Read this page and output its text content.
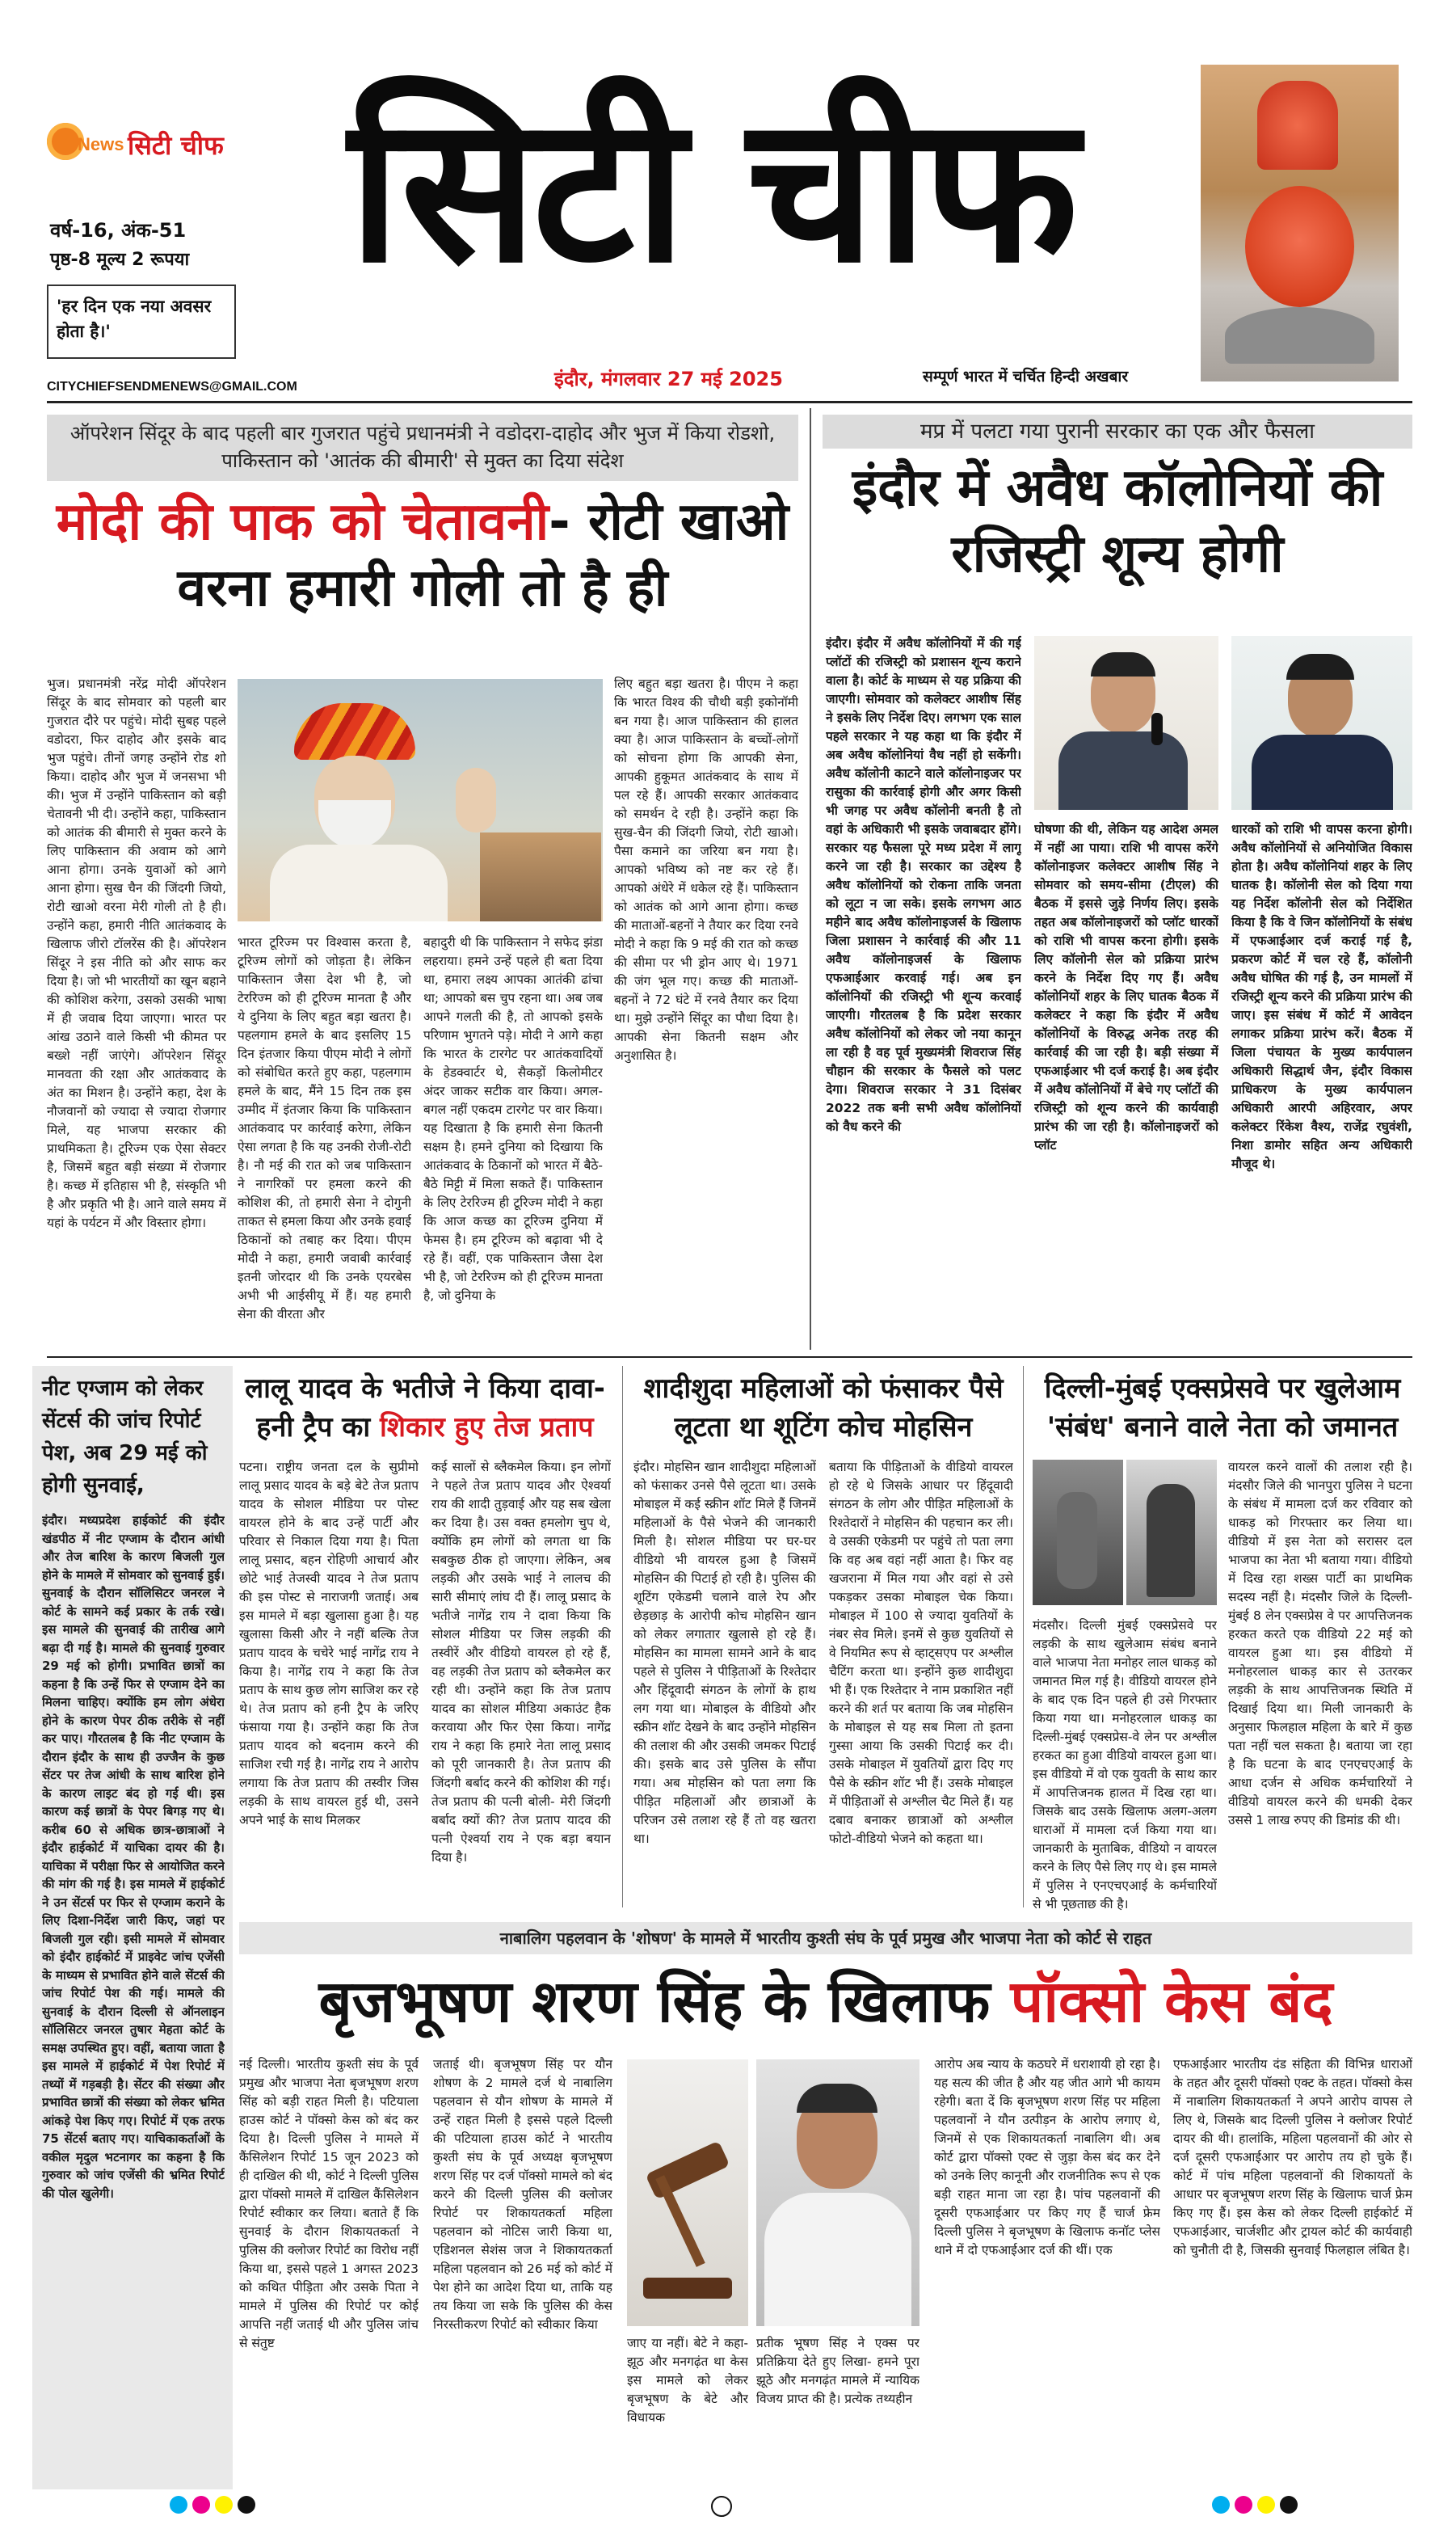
News सिटी चीफ
वर्ष-16, अंक-51
पृष्ठ-8 मूल्य 2 रूपया
'हर दिन एक नया अवसर होता है।'
CITYCHIEFSENDMENEWS@GMAIL.COM
सिटी चीफ
इंदौर, मंगलवार 27 मई 2025	सम्पूर्ण भारत में चर्चित हिन्दी अखबार
ऑपरेशन सिंदूर के बाद पहली बार गुजरात पहुंचे प्रधानमंत्री ने वडोदरा-दाहोद और भुज में किया रोडशो, पाकिस्तान को 'आतंक की बीमारी' से मुक्त का दिया संदेश
मोदी की पाक को चेतावनी- रोटी खाओ वरना हमारी गोली तो है ही
भुज। प्रधानमंत्री नरेंद्र मोदी ऑपरेशन सिंदूर के बाद सोमवार को पहली बार गुजरात दौरे पर पहुंचे। मोदी सुबह पहले वडोदरा, फिर दाहोद और इसके बाद भुज पहुंचे। तीनों जगह उन्होंने रोड शो किया। दाहोद और भुज में जनसभा भी की। भुज में उन्होंने पाकिस्तान को बड़ी चेतावनी भी दी। उन्होंने कहा, पाकिस्तान को आतंक की बीमारी से मुक्त करने के लिए पाकिस्तान की अवाम को आगे आना होगा। उनके युवाओं को आगे आना होगा। सुख चैन की जिंदगी जियो, रोटी खाओ वरना मेरी गोली तो है ही। उन्होंने कहा, हमारी नीति आतंकवाद के खिलाफ जीरो टॉलरेंस की है। ऑपरेशन सिंदूर ने इस नीति को और साफ कर दिया है। जो भी भारतीयों का खून बहाने की कोशिश करेगा, उसको उसकी भाषा में ही जवाब दिया जाएगा। भारत पर आंख उठाने वाले किसी भी कीमत पर बख्शे नहीं जाएंगे। ऑपरेशन सिंदूर मानवता की रक्षा और आतंकवाद के अंत का मिशन है। उन्होंने कहा, देश के नौजवानों को ज्यादा से ज्यादा रोजगार मिले, यह भाजपा सरकार की प्राथमिकता है। टूरिज्म एक ऐसा सेक्टर है, जिसमें बहुत बड़ी संख्या में रोजगार है। कच्छ में इतिहास भी है, संस्कृति भी है और प्रकृति भी है। आने वाले समय में यहां के पर्यटन में और विस्तार होगा।
भारत टूरिज्म पर विश्वास करता है, टूरिज्म लोगों को जोड़ता है। लेकिन पाकिस्तान जैसा देश भी है, जो टेररिज्म को ही टूरिज्म मानता है और ये दुनिया के लिए बहुत बड़ा खतरा है। पहलगाम हमले के बाद इसलिए 15 दिन इंतजार किया पीएम मोदी ने लोगों को संबोधित करते हुए कहा, पहलगाम हमले के बाद, मैंने 15 दिन तक इस उम्मीद में इंतजार किया कि पाकिस्तान आतंकवाद पर कार्रवाई करेगा, लेकिन ऐसा लगता है कि यह उनकी रोजी-रोटी है। नौ मई की रात को जब पाकिस्तान ने नागरिकों पर हमला करने की कोशिश की, तो हमारी सेना ने दोगुनी ताकत से हमला किया और उनके हवाई ठिकानों को तबाह कर दिया। पीएम मोदी ने कहा, हमारी जवाबी कार्रवाई इतनी जोरदार थी कि उनके एयरबेस अभी भी आईसीयू में हैं। यह हमारी सेना की वीरता और
बहादुरी थी कि पाकिस्तान ने सफेद झंडा लहराया। हमने उन्हें पहले ही बता दिया था, हमारा लक्ष्य आपका आतंकी ढांचा था; आपको बस चुप रहना था। अब जब आपने गलती की है, तो आपको इसके परिणाम भुगतने पड़े। मोदी ने आगे कहा कि भारत के टारगेट पर आतंकवादियों के हेडक्वार्टर थे, सैकड़ों किलोमीटर अंदर जाकर सटीक वार किया। अगल-बगल नहीं एकदम टारगेट पर वार किया। यह दिखाता है कि हमारी सेना कितनी सक्षम है। हमने दुनिया को दिखाया कि आतंकवाद के ठिकानों को भारत में बैठे-बैठे मिट्टी में मिला सकते हैं। पाकिस्तान के लिए टेररिज्म ही टूरिज्म मोदी ने कहा कि आज कच्छ का टूरिज्म दुनिया में फेमस है। हम टूरिज्म को बढ़ावा भी दे रहे हैं। वहीं, एक पाकिस्तान जैसा देश भी है, जो टेररिज्म को ही टूरिज्म मानता है, जो दुनिया के
लिए बहुत बड़ा खतरा है। पीएम ने कहा कि भारत विश्व की चौथी बड़ी इकोनॉमी बन गया है। आज पाकिस्तान की हालत क्या है। आज पाकिस्तान के बच्चों-लोगों को सोचना होगा कि आपकी सेना, आपकी हुकूमत आतंकवाद के साथ में पल रहे हैं। आपकी सरकार आतंकवाद को समर्थन दे रही है। उन्होंने कहा कि सुख-चैन की जिंदगी जियो, रोटी खाओ। पैसा कमाने का जरिया बन गया है। आपको भविष्य को नष्ट कर रहे हैं। आपको अंधेरे में धकेल रहे हैं। पाकिस्तान को आतंक को आगे आना होगा। कच्छ की माताओं-बहनों ने तैयार कर दिया रनवे मोदी ने कहा कि 9 मई की रात को कच्छ की सीमा पर भी ड्रोन आए थे। 1971 की जंग भूल गए। कच्छ की माताओं-बहनों ने 72 घंटे में रनवे तैयार कर दिया था। मुझे उन्होंने सिंदूर का पौधा दिया है। आपकी सेना कितनी सक्षम और अनुशासित है।
मप्र में पलटा गया पुरानी सरकार का एक और फैसला
इंदौर में अवैध कॉलोनियों की रजिस्ट्री शून्य होगी
इंदौर। इंदौर में अवैध कॉलोनियों में की गई प्लॉटों की रजिस्ट्री को प्रशासन शून्य कराने वाला है। कोर्ट के माध्यम से यह प्रक्रिया की जाएगी। सोमवार को कलेक्टर आशीष सिंह ने इसके लिए निर्देश दिए। लगभग एक साल पहले सरकार ने यह कहा था कि इंदौर में अब अवैध कॉलोनियां वैध नहीं हो सकेंगी। अवैध कॉलोनी काटने वाले कॉलोनाइजर पर रासुका की कार्रवाई होगी और अगर किसी भी जगह पर अवैध कॉलोनी बनती है तो वहां के अधिकारी भी इसके जवाबदार होंगे। सरकार यह फैसला पूरे मध्य प्रदेश में लागू करने जा रही है। सरकार का उद्देश्य है अवैध कॉलोनियों को रोकना ताकि जनता को लूटा न जा सके। इसके लगभग आठ महीने बाद अवैध कॉलोनाइजर्स के खिलाफ जिला प्रशासन ने कार्रवाई की और 11 अवैध कॉलोनाइजर्स के खिलाफ एफआईआर करवाई गई। अब इन कॉलोनियों की रजिस्ट्री भी शून्य करवाई जाएगी। गौरतलब है कि प्रदेश सरकार अवैध कॉलोनियों को लेकर जो नया कानून ला रही है वह पूर्व मुख्यमंत्री शिवराज सिंह चौहान की सरकार के फैसले को पलट देगा। शिवराज सरकार ने 31 दिसंबर 2022 तक बनी सभी अवैध कॉलोनियों को वैध करने की
घोषणा की थी, लेकिन यह आदेश अमल में नहीं आ पाया। राशि भी वापस करेंगे कॉलोनाइजर कलेक्टर आशीष सिंह ने सोमवार को समय-सीमा (टीएल) की बैठक में इससे जुड़े निर्णय लिए। इसके तहत अब कॉलोनाइजरों को प्लॉट धारकों को राशि भी वापस करना होगी। इसके लिए कॉलोनी सेल को प्रक्रिया प्रारंभ करने के निर्देश दिए गए हैं। अवैध कॉलोनियों शहर के लिए घातक बैठक में कलेक्टर ने कहा कि इंदौर में अवैध कॉलोनियों के विरुद्ध अनेक तरह की कार्रवाई की जा रही है। बड़ी संख्या में एफआईआर भी दर्ज कराई है। अब इंदौर में अवैध कॉलोनियों में बेचे गए प्लॉटों की रजिस्ट्री को शून्य करने की कार्यवाही प्रारंभ की जा रही है। कॉलोनाइजरों को प्लॉट
धारकों को राशि भी वापस करना होगी। अवैध कॉलोनियों से अनियोजित विकास होता है। अवैध कॉलोनियां शहर के लिए घातक है। कॉलोनी सेल को दिया गया यह निर्देश कॉलोनी सेल को निर्देशित किया है कि वे जिन कॉलोनियों के संबंध में एफआईआर दर्ज कराई गई है, प्रकरण कोर्ट में चल रहे हैं, कॉलोनी अवैध घोषित की गई है, उन मामलों में रजिस्ट्री शून्य करने की प्रक्रिया प्रारंभ की जाए। इस संबंध में कोर्ट में आवेदन लगाकर प्रक्रिया प्रारंभ करें। बैठक में जिला पंचायत के मुख्य कार्यपालन अधिकारी सिद्धार्थ जैन, इंदौर विकास प्राधिकरण के मुख्य कार्यपालन अधिकारी आरपी अहिरवार, अपर कलेक्टर रिंकेश वैश्य, राजेंद्र रघुवंशी, निशा डामोर सहित अन्य अधिकारी मौजूद थे।
नीट एग्जाम को लेकर सेंटर्स की जांच रिपोर्ट पेश, अब 29 मई को होगी सुनवाई,
इंदौर। मध्यप्रदेश हाईकोर्ट की इंदौर खंडपीठ में नीट एग्जाम के दौरान आंधी और तेज बारिश के कारण बिजली गुल होने के मामले में सोमवार को सुनवाई हुई। सुनवाई के दौरान सॉलिसिटर जनरल ने कोर्ट के सामने कई प्रकार के तर्क रखे। इस मामले की सुनवाई की तारीख आगे बढ़ा दी गई है। मामले की सुनवाई गुरुवार 29 मई को होगी। प्रभावित छात्रों का कहना है कि उन्हें फिर से एग्जाम देने का मिलना चाहिए। क्योंकि हम लोग अंधेरा होने के कारण पेपर ठीक तरीके से नहीं कर पाए। गौरतलब है कि नीट एग्जाम के दौरान इंदौर के साथ ही उज्जैन के कुछ सेंटर पर तेज आंधी के साथ बारिश होने के कारण लाइट बंद हो गई थी। इस कारण कई छात्रों के पेपर बिगड़ गए थे। करीब 60 से अधिक छात्र-छात्राओं ने इंदौर हाईकोर्ट में याचिका दायर की है। याचिका में परीक्षा फिर से आयोजित करने की मांग की गई है। इस मामले में हाईकोर्ट ने उन सेंटर्स पर फिर से एग्जाम कराने के लिए दिशा-निर्देश जारी किए, जहां पर बिजली गुल रही। इसी मामले में सोमवार को इंदौर हाईकोर्ट में प्राइवेट जांच एजेंसी के माध्यम से प्रभावित होने वाले सेंटर्स की जांच रिपोर्ट पेश की गई। मामले की सुनवाई के दौरान दिल्ली से ऑनलाइन सॉलिसिटर जनरल तुषार मेहता कोर्ट के समक्ष उपस्थित हुए। वहीं, बताया जाता है इस मामले में हाईकोर्ट में पेश रिपोर्ट में तथ्यों में गड़बड़ी है। सेंटर की संख्या और प्रभावित छात्रों की संख्या को लेकर भ्रमित आंकड़े पेश किए गए। रिपोर्ट में एक तरफ 75 सेंटर्स बताए गए। याचिकाकर्ताओं के वकील मृदुल भटनागर का कहना है कि गुरुवार को जांच एजेंसी की भ्रमित रिपोर्ट की पोल खुलेगी।
लालू यादव के भतीजे ने किया दावा- हनी ट्रैप का शिकार हुए तेज प्रताप
पटना। राष्ट्रीय जनता दल के सुप्रीमो लालू प्रसाद यादव के बड़े बेटे तेज प्रताप यादव के सोशल मीडिया पर पोस्ट वायरल होने के बाद उन्हें पार्टी और परिवार से निकाल दिया गया है। पिता लालू प्रसाद, बहन रोहिणी आचार्य और छोटे भाई तेजस्वी यादव ने तेज प्रताप की इस पोस्ट से नाराजगी जताई। अब इस मामले में बड़ा खुलासा हुआ है। यह खुलासा किसी और ने नहीं बल्कि तेज प्रताप यादव के चचेरे भाई नागेंद्र राय ने किया है। नागेंद्र राय ने कहा कि तेज प्रताप के साथ कुछ लोग साजिश कर रहे थे। तेज प्रताप को हनी ट्रैप के जरिए फंसाया गया है। उन्होंने कहा कि तेज प्रताप यादव को बदनाम करने की साजिश रची गई है। नागेंद्र राय ने आरोप लगाया कि तेज प्रताप की तस्वीर जिस लड़की के साथ वायरल हुई थी, उसने अपने भाई के साथ मिलकर
कई सालों से ब्लैकमेल किया। इन लोगों ने पहले तेज प्रताप यादव और ऐश्वर्या राय की शादी तुड़वाई और यह सब खेला कर दिया है। उस वक्त हमलोग चुप थे, क्योंकि हम लोगों को लगता था कि सबकुछ ठीक हो जाएगा। लेकिन, अब लड़की और उसके भाई ने लालच की सारी सीमाएं लांघ दी हैं। लालू प्रसाद के भतीजे नागेंद्र राय ने दावा किया कि सोशल मीडिया पर जिस लड़की की तस्वीरें और वीडियो वायरल हो रहे हैं, वह लड़की तेज प्रताप को ब्लैकमेल कर रही थी। उन्होंने कहा कि तेज प्रताप यादव का सोशल मीडिया अकाउंट हैक करवाया और फिर ऐसा किया। नागेंद्र राय ने कहा कि हमारे नेता लालू प्रसाद को पूरी जानकारी है। तेज प्रताप की जिंदगी बर्बाद करने की कोशिश की गई। तेज प्रताप की पत्नी बोली- मेरी जिंदगी बर्बाद क्यों की? तेज प्रताप यादव की पत्नी ऐश्वर्या राय ने एक बड़ा बयान दिया है।
शादीशुदा महिलाओं को फंसाकर पैसे लूटता था शूटिंग कोच मोहसिन
इंदौर। मोहसिन खान शादीशुदा महिलाओं को फंसाकर उनसे पैसे लूटता था। उसके मोबाइल में कई स्क्रीन शॉट मिले हैं जिनमें महिलाओं के पैसे भेजने की जानकारी मिली है। सोशल मीडिया पर घर-घर वीडियो भी वायरल हुआ है जिसमें मोहसिन की पिटाई हो रही है। पुलिस की शूटिंग एकेडमी चलाने वाले रेप और छेड़छाड़ के आरोपी कोच मोहसिन खान को लेकर लगातार खुलासे हो रहे हैं। मोहसिन का मामला सामने आने के बाद पहले से पुलिस ने पीड़िताओं के रिश्तेदार और हिंदूवादी संगठन के लोगों के हाथ लग गया था। मोबाइल के वीडियो और स्क्रीन शॉट देखने के बाद उन्होंने मोहसिन की तलाश की और उसकी जमकर पिटाई की। इसके बाद उसे पुलिस के सौंपा गया। अब मोहसिन को पता लगा कि पीड़ित महिलाओं और छात्राओं के परिजन उसे तलाश रहे हैं तो वह खतरा था।
बताया कि पीड़िताओं के वीडियो वायरल हो रहे थे जिसके आधार पर हिंदूवादी संगठन के लोग और पीड़ित महिलाओं के रिश्तेदारों ने मोहसिन की पहचान कर ली। वे उसकी एकेडमी पर पहुंचे तो पता लगा कि वह अब वहां नहीं आता है। फिर वह खजराना में मिल गया और वहां से उसे पकड़कर उसका मोबाइल चेक किया। मोबाइल में 100 से ज्यादा युवतियों के नंबर सेव मिले। इनमें से कुछ युवतियों से वे नियमित रूप से व्हाट्सएप पर अश्लील चैटिंग करता था। इन्होंने कुछ शादीशुदा भी हैं। एक रिश्तेदार ने नाम प्रकाशित नहीं करने की शर्त पर बताया कि जब मोहसिन के मोबाइल से यह सब मिला तो इतना गुस्सा आया कि उसकी पिटाई कर दी। उसके मोबाइल में युवतियों द्वारा दिए गए पैसे के स्क्रीन शॉट भी हैं। उसके मोबाइल में पीड़िताओं से अश्लील चैट मिले हैं। यह दबाव बनाकर छात्राओं को अश्लील फोटो-वीडियो भेजने को कहता था।
दिल्ली-मुंबई एक्सप्रेसवे पर खुलेआम 'संबंध' बनाने वाले नेता को जमानत
मंदसौर। दिल्ली मुंबई एक्सप्रेसवे पर लड़की के साथ खुलेआम संबंध बनाने वाले भाजपा नेता मनोहर लाल धाकड़ को जमानत मिल गई है। वीडियो वायरल होने के बाद एक दिन पहले ही उसे गिरफ्तार किया गया था। मनोहरलाल धाकड़ का दिल्ली-मुंबई एक्सप्रेस-वे लेन पर अश्लील हरकत का हुआ वीडियो वायरल हुआ था। इस वीडियो में वो एक युवती के साथ कार में आपत्तिजनक हालत में दिख रहा था। जिसके बाद उसके खिलाफ अलग-अलग धाराओं में मामला दर्ज किया गया था। जानकारी के मुताबिक, वीडियो न वायरल करने के लिए पैसे लिए गए थे। इस मामले में पुलिस ने एनएचएआई के कर्मचारियों से भी पूछताछ की है।
वायरल करने वालों की तलाश रही है। मंदसौर जिले की भानपुरा पुलिस ने घटना के संबंध में मामला दर्ज कर रविवार को धाकड़ को गिरफ्तार कर लिया था। वीडियो में इस नेता को सरासर दल भाजपा का नेता भी बताया गया। वीडियो में दिख रहा शख्स पार्टी का प्राथमिक सदस्य नहीं है। मंदसौर जिले के दिल्ली-मुंबई 8 लेन एक्सप्रेस वे पर आपत्तिजनक हरकत करते एक वीडियो 22 मई को वायरल हुआ था। इस वीडियो में मनोहरलाल धाकड़ कार से उतरकर लड़की के साथ आपत्तिजनक स्थिति में दिखाई दिया था। मिली जानकारी के अनुसार फिलहाल महिला के बारे में कुछ पता नहीं चल सकता है। बताया जा रहा है कि घटना के बाद एनएचएआई के आधा दर्जन से अधिक कर्मचारियों ने वीडियो वायरल करने की धमकी देकर उससे 1 लाख रुपए की डिमांड की थी।
नाबालिग पहलवान के 'शोषण' के मामले में भारतीय कुश्ती संघ के पूर्व प्रमुख और भाजपा नेता को कोर्ट से राहत
बृजभूषण शरण सिंह के खिलाफ पॉक्सो केस बंद
नई दिल्ली। भारतीय कुश्ती संघ के पूर्व प्रमुख और भाजपा नेता बृजभूषण शरण सिंह को बड़ी राहत मिली है। पटियाला हाउस कोर्ट ने पॉक्सो केस को बंद कर दिया है। दिल्ली पुलिस ने मामले में कैंसिलेशन रिपोर्ट 15 जून 2023 को ही दाखिल की थी, कोर्ट ने दिल्ली पुलिस द्वारा पॉक्सो मामले में दाखिल कैंसिलेशन रिपोर्ट स्वीकार कर लिया। बताते हैं कि सुनवाई के दौरान शिकायतकर्ता ने पुलिस की क्लोजर रिपोर्ट का विरोध नहीं किया था, इससे पहले 1 अगस्त 2023 को कथित पीड़िता और उसके पिता ने मामले में पुलिस की रिपोर्ट पर कोई आपत्ति नहीं जताई थी और पुलिस जांच से संतुष्ट
जताई थी। बृजभूषण सिंह पर यौन शोषण के 2 मामले दर्ज थे नाबालिग पहलवान से यौन शोषण के मामले में उन्हें राहत मिली है इससे पहले दिल्ली की पटियाला हाउस कोर्ट ने भारतीय कुश्ती संघ के पूर्व अध्यक्ष बृजभूषण शरण सिंह पर दर्ज पॉक्सो मामले को बंद करने की दिल्ली पुलिस की क्लोजर रिपोर्ट पर शिकायतकर्ता महिला पहलवान को नोटिस जारी किया था, एडिशनल सेशंस जज ने शिकायतकर्ता महिला पहलवान को 26 मई को कोर्ट में पेश होने का आदेश दिया था, ताकि यह तय किया जा सके कि पुलिस की केस निरस्तीकरण रिपोर्ट को स्वीकार किया
जाए या नहीं। बेटे ने कहा- झूठ और मनगढ़ंत था केस इस मामले को लेकर बृजभूषण के बेटे और विधायक
प्रतीक भूषण सिंह ने एक्स पर प्रतिक्रिया देते हुए लिखा- हमने पूरा झूठे और मनगढ़ंत मामले में न्यायिक विजय प्राप्त की है। प्रत्येक तथ्यहीन
आरोप अब न्याय के कठघरे में धराशायी हो रहा है। यह सत्य की जीत है और यह जीत आगे भी कायम रहेगी। बता दें कि बृजभूषण शरण सिंह पर महिला पहलवानों ने यौन उत्पीड़न के आरोप लगाए थे, जिनमें से एक शिकायतकर्ता नाबालिग थी। अब कोर्ट द्वारा पॉक्सो एक्ट से जुड़ा केस बंद कर देने को उनके लिए कानूनी और राजनीतिक रूप से एक बड़ी राहत माना जा रहा है। पांच पहलवानों की दूसरी एफआईआर पर किए गए हैं चार्ज फ्रेम दिल्ली पुलिस ने बृजभूषण के खिलाफ कनॉट प्लेस थाने में दो एफआईआर दर्ज की थीं। एक
एफआईआर भारतीय दंड संहिता की विभिन्न धाराओं के तहत और दूसरी पॉक्सो एक्ट के तहत। पॉक्सो केस में नाबालिग शिकायतकर्ता ने अपने आरोप वापस ले लिए थे, जिसके बाद दिल्ली पुलिस ने क्लोजर रिपोर्ट दायर की थी। हालांकि, महिला पहलवानों की ओर से दर्ज दूसरी एफआईआर पर आरोप तय हो चुके हैं। कोर्ट में पांच महिला पहलवानों की शिकायतों के आधार पर बृजभूषण शरण सिंह के खिलाफ चार्ज फ्रेम किए गए हैं। इस केस को लेकर दिल्ली हाईकोर्ट में एफआईआर, चार्जशीट और ट्रायल कोर्ट की कार्यवाही को चुनौती दी है, जिसकी सुनवाई फिलहाल लंबित है।
